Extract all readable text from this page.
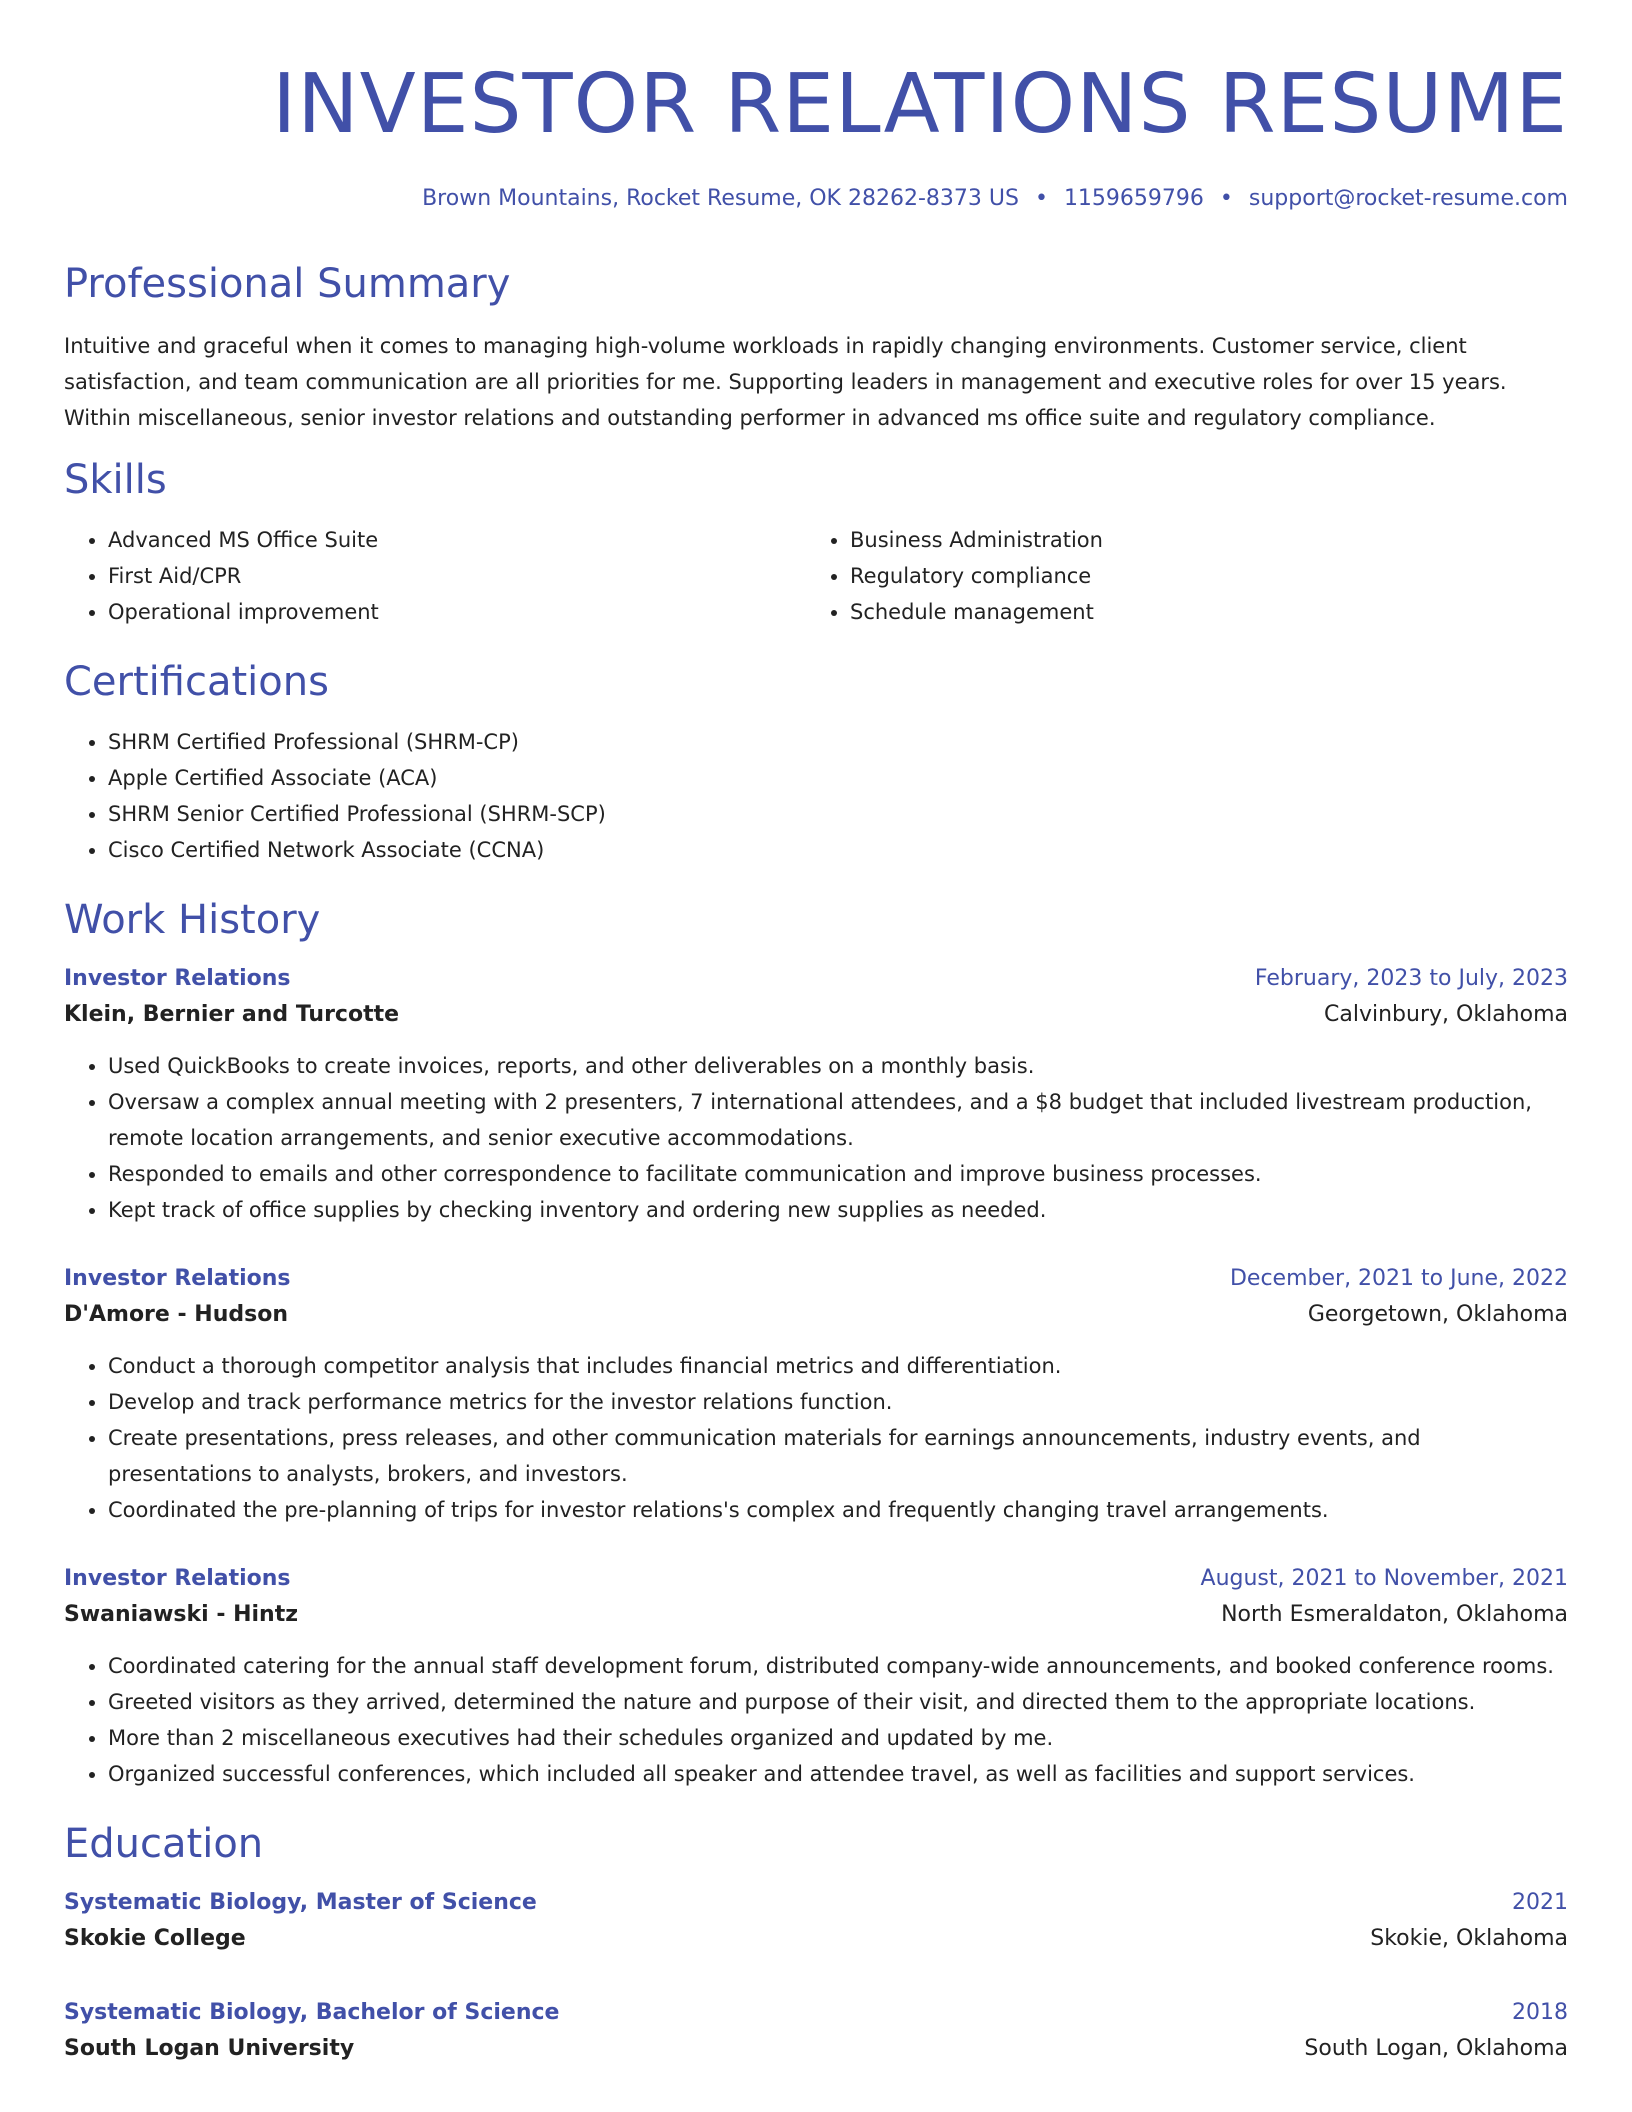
INVESTOR RELATIONS RESUME
Brown Mountains, Rocket Resume, OK 28262-8373 US • 1159659796 • support@rocket-resume.com
Professional Summary

Intuitive and graceful when it comes to managing high-volume workloads in rapidly changing environments. Customer service, client satisfaction, and team communication are all priorities for me. Supporting leaders in management and executive roles for over 15 years. Within miscellaneous, senior investor relations and outstanding performer in advanced ms office suite and regulatory compliance.

Skills
• Advanced MS Office Suite
• First Aid/CPR
• Operational improvement
• Business Administration
• Regulatory compliance
• Schedule management
Certifications
• SHRM Certified Professional (SHRM-CP)
• Apple Certified Associate (ACA)
• SHRM Senior Certified Professional (SHRM-SCP)
• Cisco Certified Network Associate (CCNA)
Work History
Investor Relations	February, 2023 to July, 2023
Klein, Bernier and Turcotte	Calvinbury, Oklahoma
• Used QuickBooks to create invoices, reports, and other deliverables on a monthly basis.
• Oversaw a complex annual meeting with 2 presenters, 7 international attendees, and a $8 budget that included livestream production, remote location arrangements, and senior executive accommodations.
• Responded to emails and other correspondence to facilitate communication and improve business processes.
• Kept track of office supplies by checking inventory and ordering new supplies as needed.
Investor Relations	December, 2021 to June, 2022
D'Amore - Hudson	Georgetown, Oklahoma
• Conduct a thorough competitor analysis that includes financial metrics and differentiation.
• Develop and track performance metrics for the investor relations function.
• Create presentations, press releases, and other communication materials for earnings announcements, industry events, and presentations to analysts, brokers, and investors.
• Coordinated the pre-planning of trips for investor relations's complex and frequently changing travel arrangements.
Investor Relations	August, 2021 to November, 2021
Swaniawski - Hintz	North Esmeraldaton, Oklahoma
• Coordinated catering for the annual staff development forum, distributed company-wide announcements, and booked conference rooms.
• Greeted visitors as they arrived, determined the nature and purpose of their visit, and directed them to the appropriate locations.
• More than 2 miscellaneous executives had their schedules organized and updated by me.
• Organized successful conferences, which included all speaker and attendee travel, as well as facilities and support services.
Education
Systematic Biology, Master of Science	2021
Skokie College	Skokie, Oklahoma
Systematic Biology, Bachelor of Science	2018
South Logan University	South Logan, Oklahoma
